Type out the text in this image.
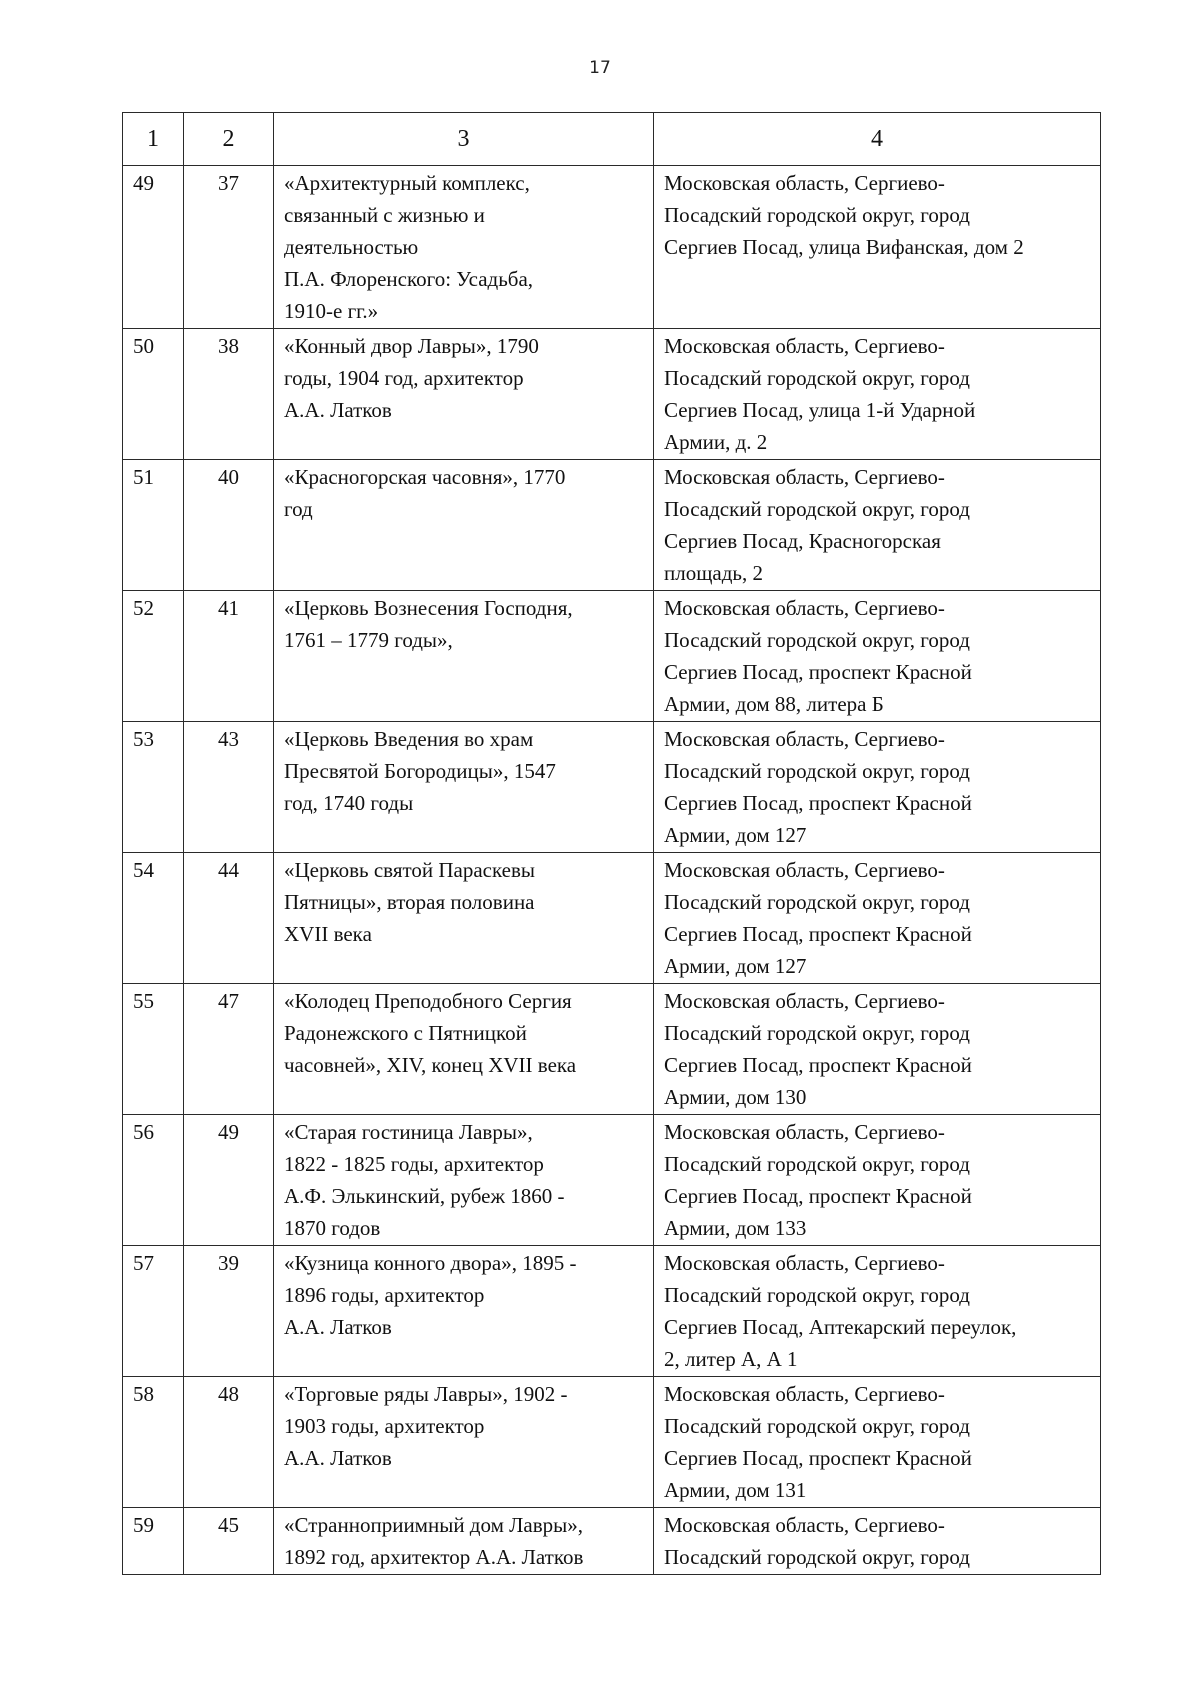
17
1	2	3	4
49	37	«Архитектурный комплекс,
связанный с жизнью и
деятельностью
П.А. Флоренского: Усадьба,
1910-е гг.»	Московская область, Сергиево-
Посадский городской округ, город
Сергиев Посад, улица Вифанская, дом 2
50	38	«Конный двор Лавры», 1790
годы, 1904 год, архитектор
А.А. Латков	Московская область, Сергиево-
Посадский городской округ, город
Сергиев Посад, улица 1-й Ударной
Армии, д. 2
51	40	«Красногорская часовня», 1770
год	Московская область, Сергиево-
Посадский городской округ, город
Сергиев Посад, Красногорская
площадь, 2
52	41	«Церковь Вознесения Господня,
1761 – 1779 годы»,	Московская область, Сергиево-
Посадский городской округ, город
Сергиев Посад, проспект Красной
Армии, дом 88, литера Б
53	43	«Церковь Введения во храм
Пресвятой Богородицы», 1547
год, 1740 годы	Московская область, Сергиево-
Посадский городской округ, город
Сергиев Посад, проспект Красной
Армии, дом 127
54	44	«Церковь святой Параскевы
Пятницы», вторая половина
XVII века	Московская область, Сергиево-
Посадский городской округ, город
Сергиев Посад, проспект Красной
Армии, дом 127
55	47	«Колодец Преподобного Сергия
Радонежского с Пятницкой
часовней», XIV, конец XVII века	Московская область, Сергиево-
Посадский городской округ, город
Сергиев Посад, проспект Красной
Армии, дом 130
56	49	«Старая гостиница Лавры»,
1822 - 1825 годы, архитектор
А.Ф. Элькинский, рубеж 1860 -
1870 годов	Московская область, Сергиево-
Посадский городской округ, город
Сергиев Посад, проспект Красной
Армии, дом 133
57	39	«Кузница конного двора», 1895 -
1896 годы, архитектор
А.А. Латков	Московская область, Сергиево-
Посадский городской округ, город
Сергиев Посад, Аптекарский переулок,
2, литер А, А 1
58	48	«Торговые ряды Лавры», 1902 -
1903 годы, архитектор
А.А. Латков	Московская область, Сергиево-
Посадский городской округ, город
Сергиев Посад, проспект Красной
Армии, дом 131
59	45	«Странноприимный дом Лавры»,
1892 год, архитектор А.А. Латков	Московская область, Сергиево-
Посадский городской округ, город
